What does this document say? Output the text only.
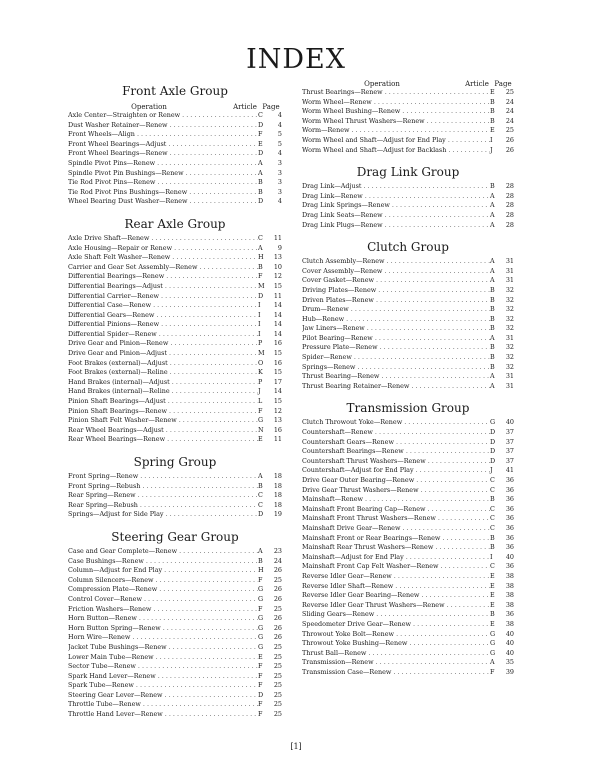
INDEX
Front Axle Group
Operation	Article Page
Axle Center—Straighten or Renew . . .	C	4
Dust Washer Retainer—Renew . . .	D	4
Front Wheels—Align . . .	F	5
Front Wheel Bearings—Adjust . . .	E	5
Front Wheel Bearings—Renew . . .	D	4
Spindle Pivot Pins—Renew . . .	A	3
Spindle Pivot Pin Bushings—Renew . . .	A	3
Tie Rod Pivot Pins—Renew . . .	B	3
Tie Rod Pivot Pins Bushings—Renew . . .	B	3
Wheel Bearing Dust Washer—Renew . . .	D	4
Rear Axle Group
Axle Drive Shaft—Renew . . .	C	11
Axle Housing—Repair or Renew . . .	A	9
Axle Shaft Felt Washer—Renew . . .	H	13
Carrier and Gear Set Assembly—Renew . . .	B	10
Differential Bearings—Renew . . .	F	12
Differential Bearings—Adjust . . .	M	15
Differential Carrier—Renew . . .	D	11
Differential Case—Renew . . .	I	14
Differential Gears—Renew . . .	I	14
Differential Pinions—Renew . . .	I	14
Differential Spider—Renew . . .	I	14
Drive Gear and Pinion—Renew . . .	P	16
Drive Gear and Pinion—Adjust . . .	M	15
Foot Brakes (external)—Adjust . . .	O	16
Foot Brakes (external)—Reline . . .	K	15
Hand Brakes (internal)—Adjust . . .	P	17
Hand Brakes (internal)—Reline . . .	J	14
Pinion Shaft Bearings—Adjust . . .	L	15
Pinion Shaft Bearings—Renew . . .	F	12
Pinion Shaft Felt Washer—Renew . . .	G	13
Rear Wheel Bearings—Adjust . . .	N	16
Rear Wheel Bearings—Renew . . .	E	11
Spring Group
Front Spring—Renew . . .	A	18
Front Spring—Rebush . . .	B	18
Rear Spring—Renew . . .	C	18
Rear Spring—Rebush . . .	C	18
Springs—Adjust for Side Play . . .	D	19
Steering Gear Group
Case and Gear Complete—Renew . . .	A	23
Case Bushings—Renew . . .	B	24
Column—Adjust for End Play . . .	H	26
Column Silencers—Renew . . .	F	25
Compression Plate—Renew . . .	G	26
Control Cover—Renew . . .	G	26
Friction Washers—Renew . . .	F	25
Horn Button—Renew . . .	G	26
Horn Button Spring—Renew . . .	G	26
Horn Wire—Renew . . .	G	26
Jacket Tube Bushings—Renew . . .	G	25
Lower Main Tube—Renew . . .	E	25
Sector Tube—Renew . . .	F	25
Spark Hand Lever—Renew . . .	F	25
Spark Tube—Renew . . .	F	25
Steering Gear Lever—Renew . . .	D	25
Throttle Tube—Renew . . .	F	25
Throttle Hand Lever—Renew . . .	F	25
Operation	Article Page
Thrust Bearings—Renew . . .	E	25
Worm Wheel—Renew . . .	B	24
Worm Wheel Bushing—Renew . . .	B	24
Worm Wheel Thrust Washers—Renew . . .	B	24
Worm—Renew . . .	E	25
Worm Wheel and Shaft—Adjust for End Play . . .	I	26
Worm Wheel and Shaft—Adjust for Backlash . . .	J	26
Drag Link Group
Drag Link—Adjust . . .	B	28
Drag Link—Renew . . .	A	28
Drag Link Springs—Renew . . .	A	28
Drag Link Seats—Renew . . .	A	28
Drag Link Plugs—Renew . . .	A	28
Clutch Group
Clutch Assembly—Renew . . .	A	31
Cover Assembly—Renew . . .	A	31
Cover Gasket—Renew . . .	A	31
Driving Plates—Renew . . .	B	32
Driven Plates—Renew . . .	B	32
Drum—Renew . . .	B	32
Hub—Renew . . .	B	32
Jaw Liners—Renew . . .	B	32
Pilot Bearing—Renew . . .	A	31
Pressure Plate—Renew . . .	B	32
Spider—Renew . . .	B	32
Springs—Renew . . .	B	32
Thrust Bearing—Renew . . .	A	31
Thrust Bearing Retainer—Renew . . .	A	31
Transmission Group
Clutch Throwout Yoke—Renew . . .	G	40
Countershaft—Renew . . .	D	37
Countershaft Gears—Renew . . .	D	37
Countershaft Bearings—Renew . . .	D	37
Countershaft Thrust Washers—Renew . . .	D	37
Countershaft—Adjust for End Play . . .	J	41
Drive Gear Outer Bearing—Renew . . .	C	36
Drive Gear Thrust Washers—Renew . . .	C	36
Mainshaft—Renew . . .	B	36
Mainshaft Front Bearing Cap—Renew . . .	C	36
Mainshaft Front Thrust Washers—Renew . . .	C	36
Mainshaft Drive Gear—Renew . . .	C	36
Mainshaft Front or Rear Bearings—Renew . . .	B	36
Mainshaft Rear Thrust Washers—Renew . . .	B	36
Mainshaft—Adjust for End Play . . .	I	40
Mainshaft Front Cap Felt Washer—Renew . . .	C	36
Reverse Idler Gear—Renew . . .	E	38
Reverse Idler Shaft—Renew . . .	E	38
Reverse Idler Gear Bearing—Renew . . .	E	38
Reverse Idler Gear Thrust Washers—Renew . . .	E	38
Sliding Gears—Renew . . .	B	36
Speedometer Drive Gear—Renew . . .	E	38
Throwout Yoke Bolt—Renew . . .	G	40
Throwout Yoke Bushing—Renew . . .	G	40
Thrust Ball—Renew . . .	G	40
Transmission—Renew . . .	A	35
Transmission Case—Renew . . .	F	39
[1]
